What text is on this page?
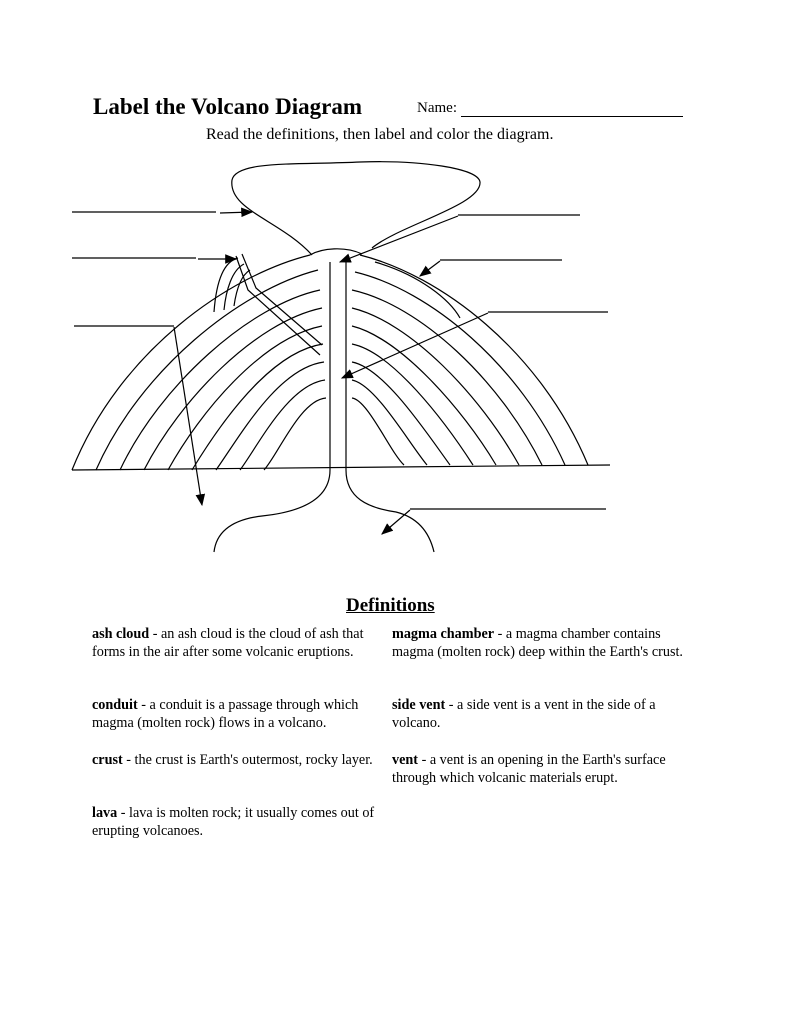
Label the Volcano Diagram	Name:
Read the definitions, then label and color the diagram.
Definitions
ash cloud - an ash cloud is the cloud of ash that forms in the air after some volcanic eruptions.
conduit - a conduit is a passage through which magma (molten rock) flows in a volcano.
crust - the crust is Earth's outermost, rocky layer.
lava - lava is molten rock; it usually comes out of erupting volcanoes.
magma chamber - a magma chamber contains magma (molten rock) deep within the Earth's crust.
side vent - a side vent is a vent in the side of a volcano.
vent - a vent is an opening in the Earth's surface through which volcanic materials erupt.
